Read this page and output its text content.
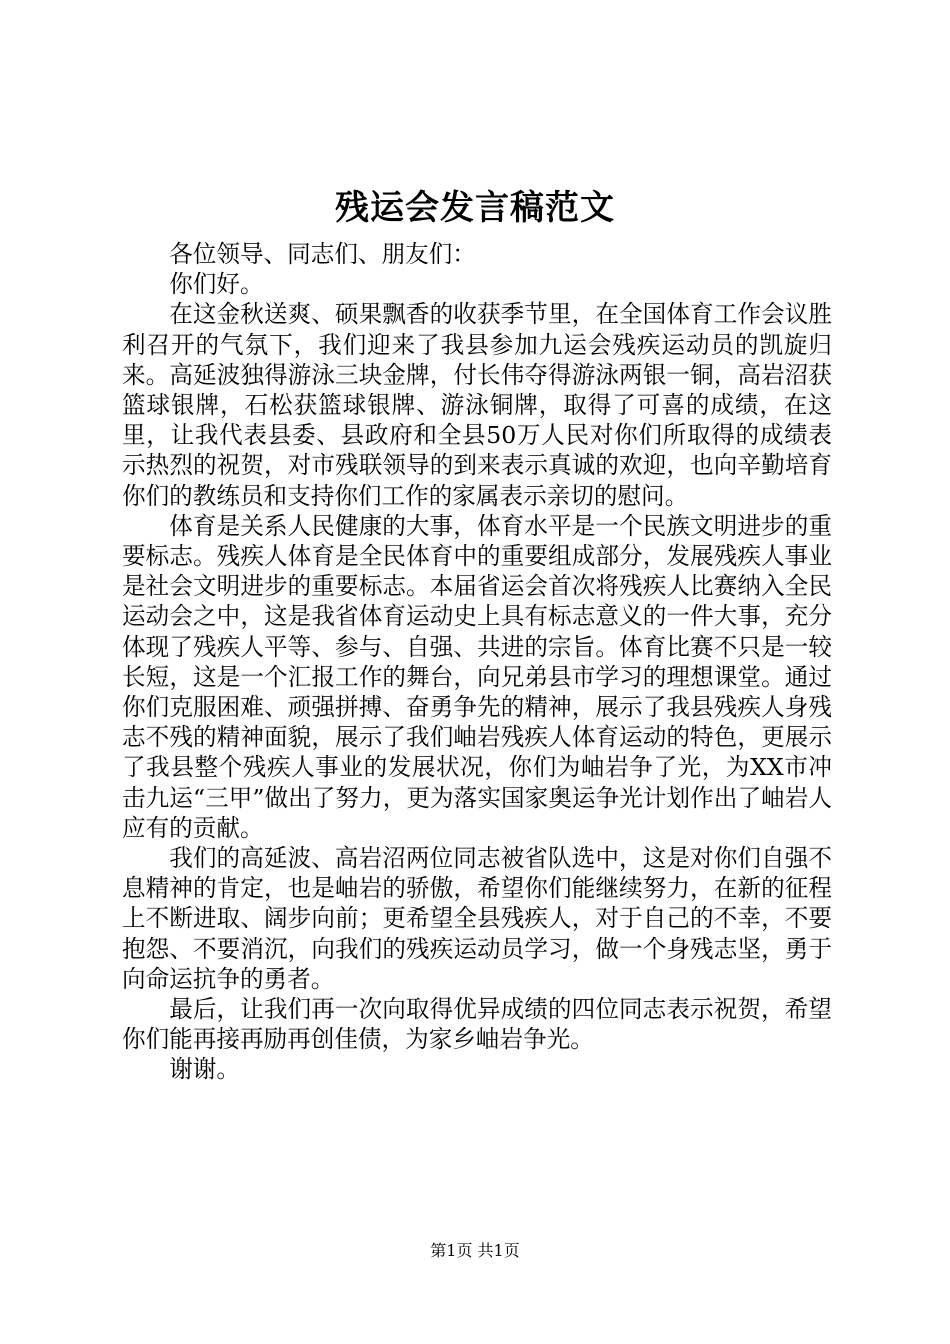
残运会发言稿范文

各位领导、同志们、朋友们：

你们好。

在这金秋送爽、硕果飘香的收获季节里，在全国体育工作会议胜利召开的气氛下，我们迎来了我县参加九运会残疾运动员的凯旋归来。高延波独得游泳三块金牌，付长伟夺得游泳两银一铜，高岩沼获篮球银牌，石松获篮球银牌、游泳铜牌，取得了可喜的成绩，在这里，让我代表县委、县政府和全县50万人民对你们所取得的成绩表示热烈的祝贺，对市残联领导的到来表示真诚的欢迎，也向辛勤培育你们的教练员和支持你们工作的家属表示亲切的慰问。

体育是关系人民健康的大事，体育水平是一个民族文明进步的重要标志。残疾人体育是全民体育中的重要组成部分，发展残疾人事业是社会文明进步的重要标志。本届省运会首次将残疾人比赛纳入全民运动会之中，这是我省体育运动史上具有标志意义的一件大事，充分体现了残疾人平等、参与、自强、共进的宗旨。体育比赛不只是一较长短，这是一个汇报工作的舞台，向兄弟县市学习的理想课堂。通过你们克服困难、顽强拼搏、奋勇争先的精神，展示了我县残疾人身残志不残的精神面貌，展示了我们岫岩残疾人体育运动的特色，更展示了我县整个残疾人事业的发展状况，你们为岫岩争了光，为XX市冲击九运“三甲”做出了努力，更为落实国家奥运争光计划作出了岫岩人应有的贡献。

我们的高延波、高岩沼两位同志被省队选中，这是对你们自强不息精神的肯定，也是岫岩的骄傲，希望你们能继续努力，在新的征程上不断进取、阔步向前；更希望全县残疾人，对于自己的不幸，不要抱怨、不要消沉，向我们的残疾运动员学习，做一个身残志坚，勇于向命运抗争的勇者。

最后，让我们再一次向取得优异成绩的四位同志表示祝贺，希望你们能再接再励再创佳债，为家乡岫岩争光。

谢谢。

第1页 共1页
